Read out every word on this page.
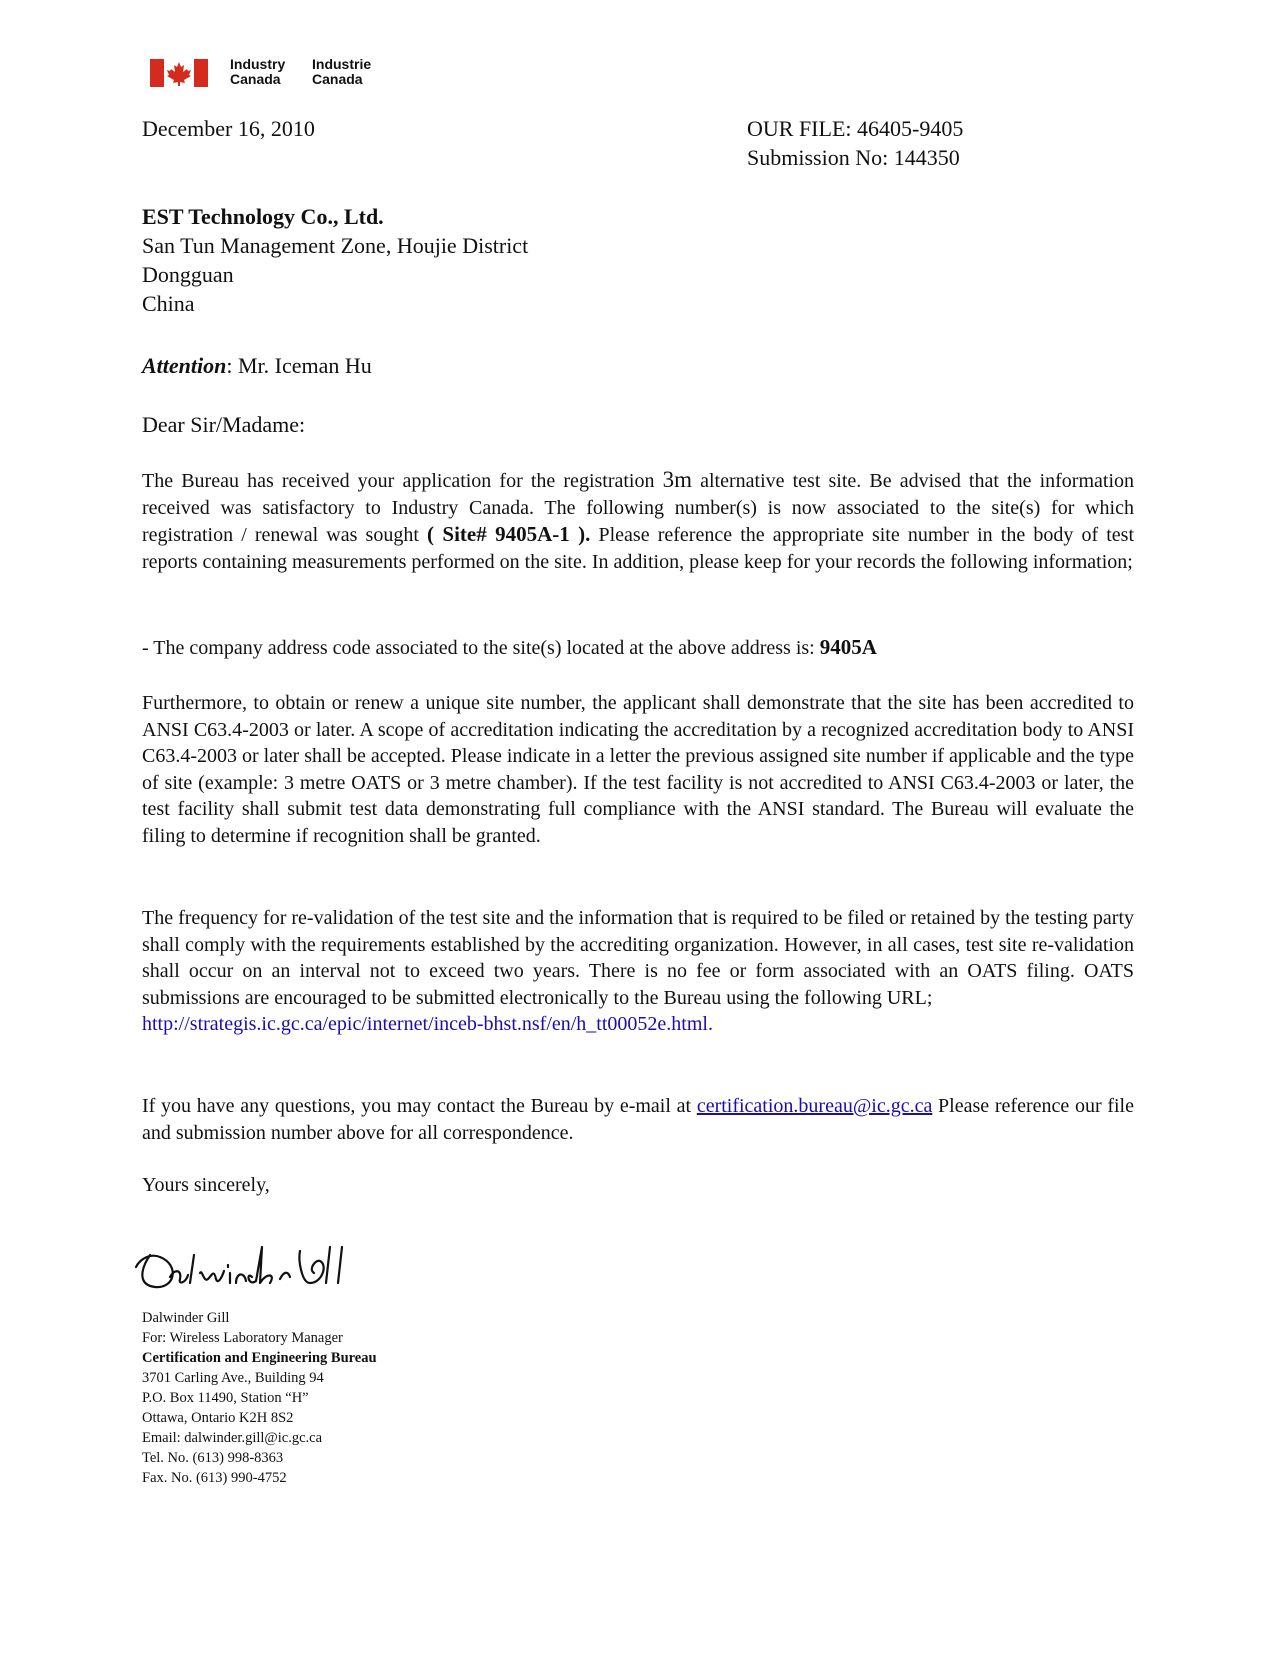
Industry
Canada
Industrie
Canada
December 16, 2010	OUR FILE: 46405-9405
Submission No: 144350
EST Technology Co., Ltd.
San Tun Management Zone, Houjie District
Dongguan
China
Attention: Mr. Iceman Hu
Dear Sir/Madame:

The Bureau has received your application for the registration 3m alternative test site. Be advised that the information received was satisfactory to Industry Canada. The following number(s) is now associated to the site(s) for which registration / renewal was sought ( Site# 9405A-1 ). Please reference the appropriate site number in the body of test reports containing measurements performed on the site. In addition, please keep for your records the following information;

- The company address code associated to the site(s) located at the above address is: 9405A

Furthermore, to obtain or renew a unique site number, the applicant shall demonstrate that the site has been accredited to ANSI C63.4-2003 or later. A scope of accreditation indicating the accreditation by a recognized accreditation body to ANSI C63.4-2003 or later shall be accepted. Please indicate in a letter the previous assigned site number if applicable and the type of site (example: 3 metre OATS or 3 metre chamber). If the test facility is not accredited to ANSI C63.4-2003 or later, the test facility shall submit test data demonstrating full compliance with the ANSI standard. The Bureau will evaluate the filing to determine if recognition shall be granted.

The frequency for re-validation of the test site and the information that is required to be filed or retained by the testing party shall comply with the requirements established by the accrediting organization. However, in all cases, test site re-validation shall occur on an interval not to exceed two years. There is no fee or form associated with an OATS filing. OATS submissions are encouraged to be submitted electronically to the Bureau using the following URL;
http://strategis.ic.gc.ca/epic/internet/inceb-bhst.nsf/en/h_tt00052e.html.

If you have any questions, you may contact the Bureau by e-mail at certification.bureau@ic.gc.ca Please reference our file and submission number above for all correspondence.

Yours sincerely,
Dalwinder Gill
For: Wireless Laboratory Manager
Certification and Engineering Bureau
3701 Carling Ave., Building 94
P.O. Box 11490, Station “H”
Ottawa, Ontario K2H 8S2
Email: dalwinder.gill@ic.gc.ca
Tel. No. (613) 998-8363
Fax. No. (613) 990-4752
